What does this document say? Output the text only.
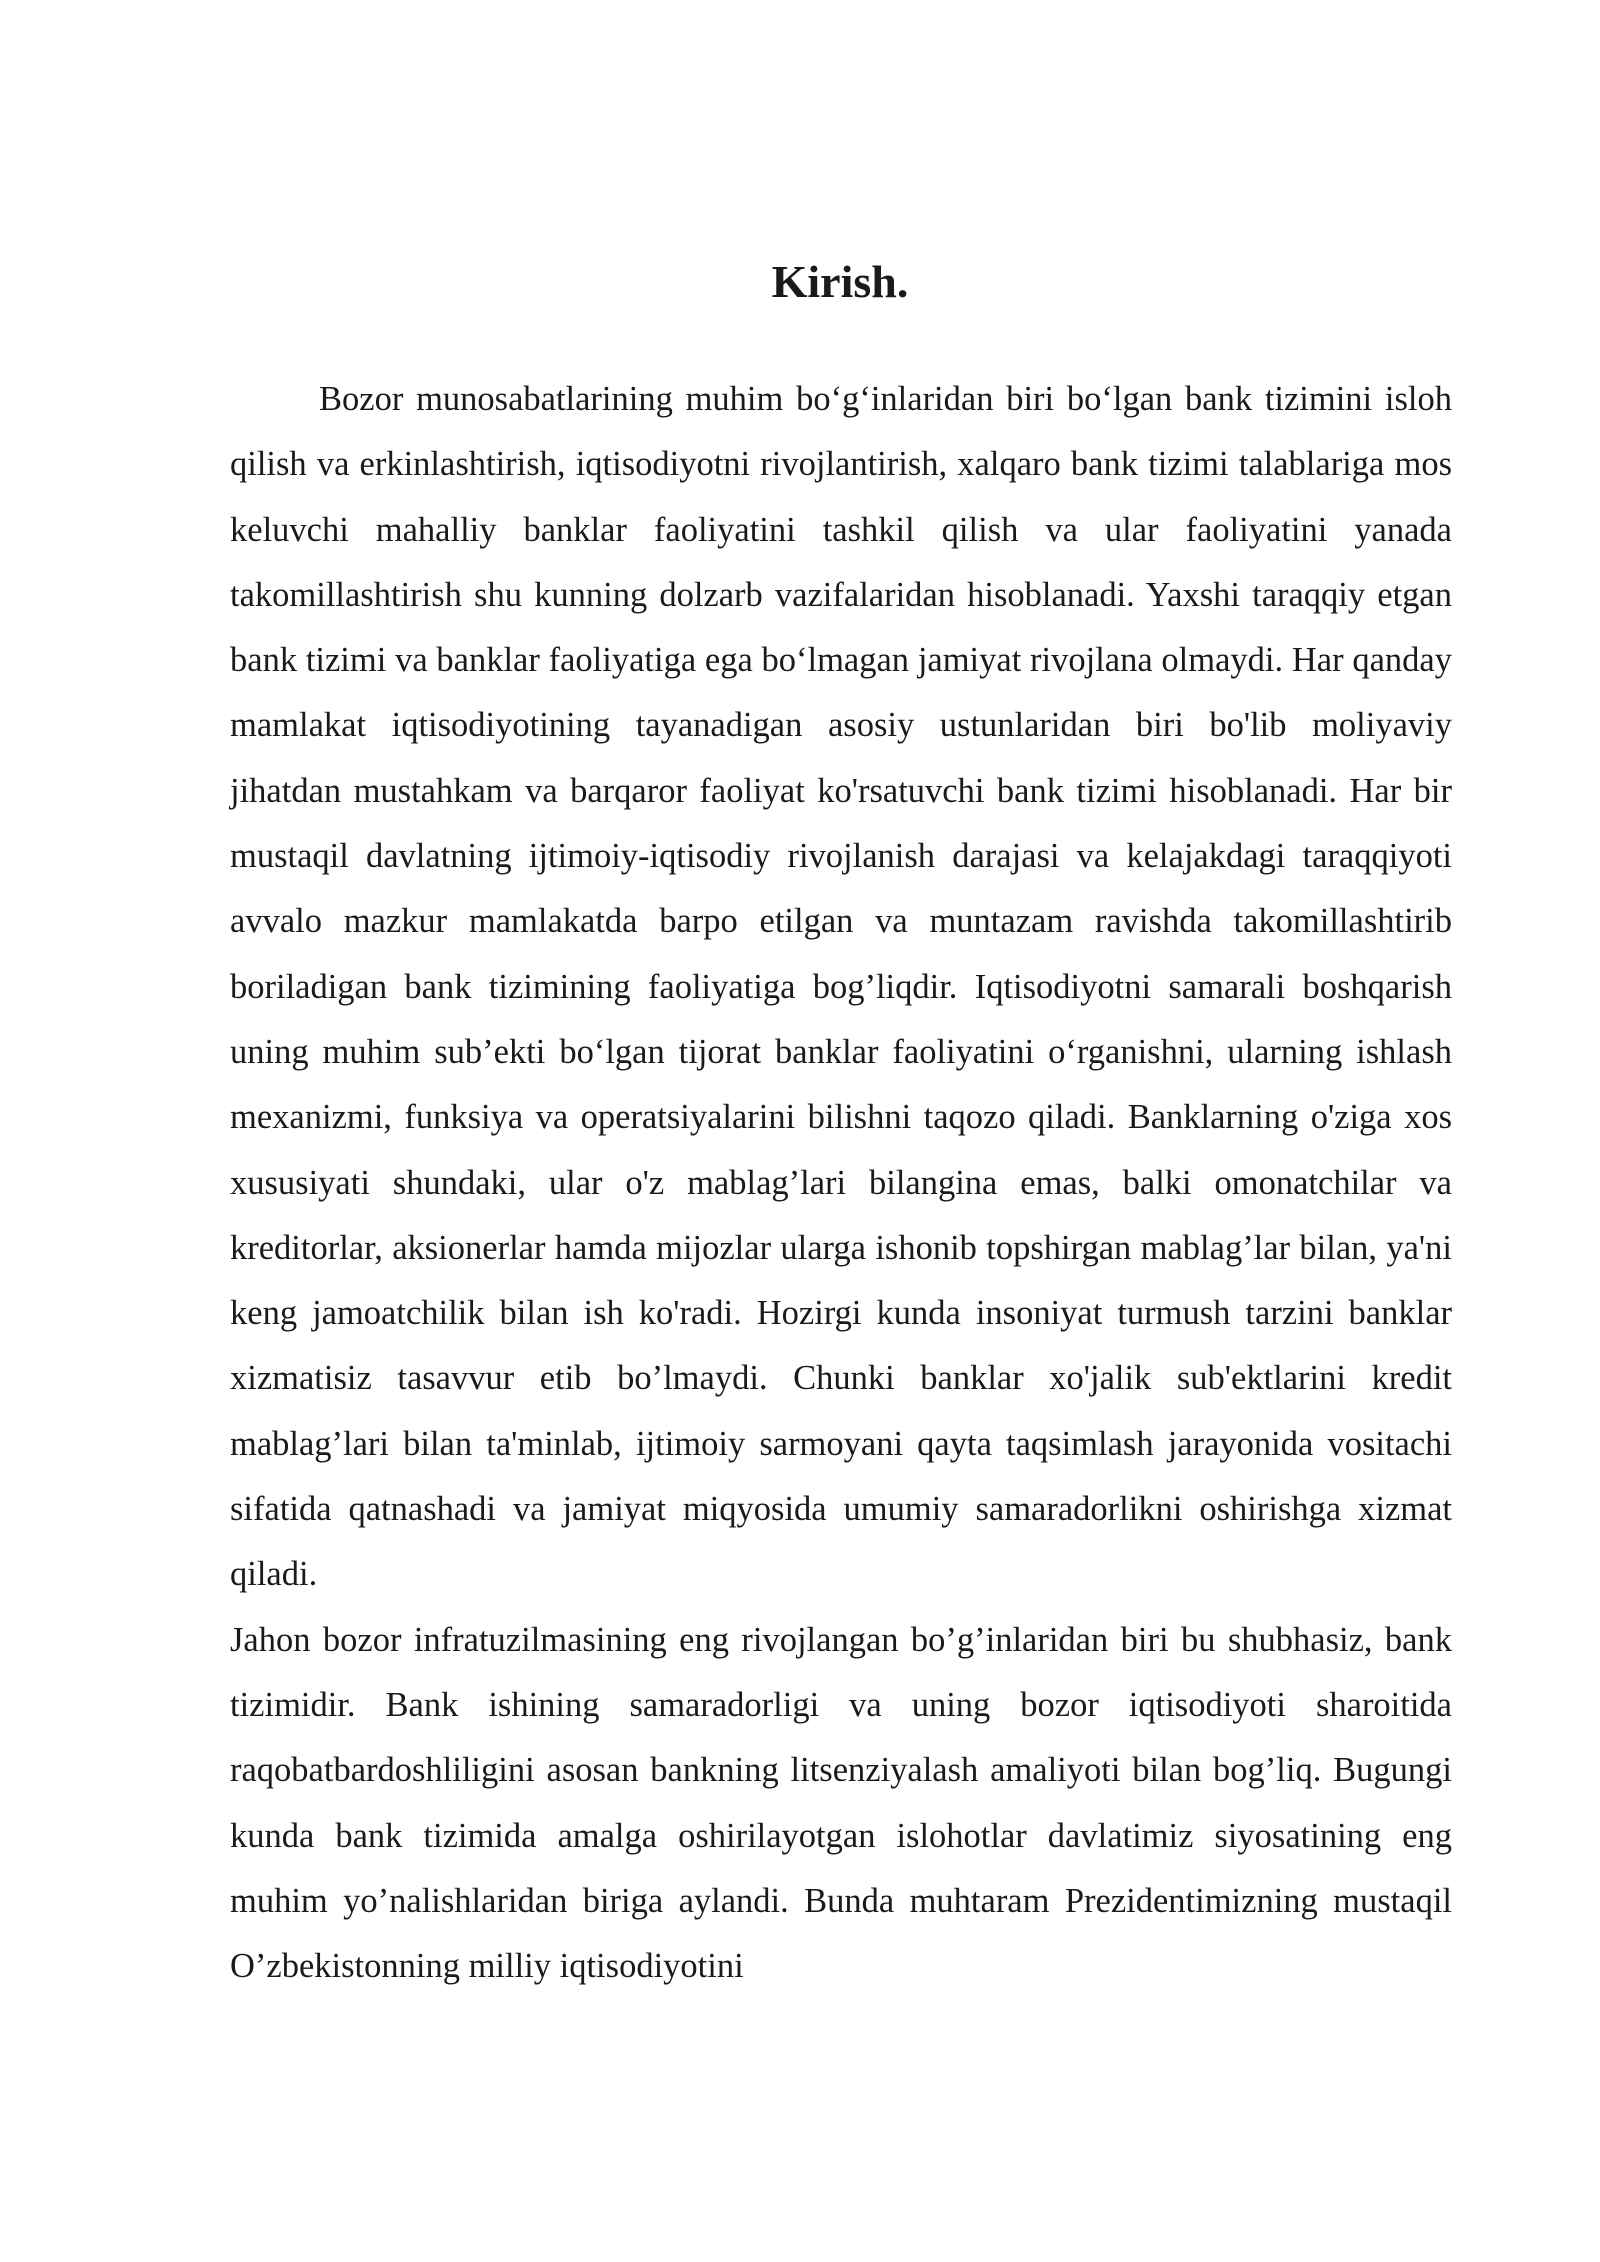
Kirish.

Bozor munosabatlarining muhim bo‘g‘inlaridan biri bo‘lgan bank tizimini isloh qilish va erkinlashtirish, iqtisodiyotni rivojlantirish, xalqaro bank tizimi talablariga mos keluvchi mahalliy banklar faoliyatini tashkil qilish va ular faoliyatini yanada takomillashtirish shu kunning dolzarb vazifalaridan hisoblanadi. Yaxshi taraqqiy etgan bank tizimi va banklar faoliyatiga ega bo‘lmagan jamiyat rivojlana olmaydi. Har qanday mamlakat iqtisodiyotining tayanadigan asosiy ustunlaridan biri bo'lib moliyaviy jihatdan mustahkam va barqaror faoliyat ko'rsatuvchi bank tizimi hisoblanadi. Har bir mustaqil davlatning ijtimoiy-iqtisodiy rivojlanish darajasi va kelajakdagi taraqqiyoti avvalo mazkur mamlakatda barpo etilgan va muntazam ravishda takomillashtirib boriladigan bank tizimining faoliyatiga bog’liqdir. Iqtisodiyotni samarali boshqarish uning muhim sub’ekti bo‘lgan tijorat banklar faoliyatini o‘rganishni, ularning ishlash mexanizmi, funksiya va operatsiyalarini bilishni taqozo qiladi. Banklarning o'ziga xos xususiyati shundaki, ular o'z mablag’lari bilangina emas, balki omonatchilar va kreditorlar, aksionerlar hamda mijozlar ularga ishonib topshirgan mablag’lar bilan, ya'ni keng jamoatchilik bilan ish ko'radi. Hozirgi kunda insoniyat turmush tarzini banklar xizmatisiz tasavvur etib bo’lmaydi. Chunki banklar xo'jalik sub'ektlarini kredit mablag’lari bilan ta'minlab, ijtimoiy sarmoyani qayta taqsimlash jarayonida vositachi sifatida qatnashadi va jamiyat miqyosida umumiy samaradorlikni oshirishga xizmat qiladi.

Jahon bozor infratuzilmasining eng rivojlangan bo’g’inlaridan biri bu shubhasiz, bank tizimidir. Bank ishining samaradorligi va uning bozor iqtisodiyoti sharoitida raqobatbardoshliligini asosan bankning litsenziyalash amaliyoti bilan bog’liq. Bugungi kunda bank tizimida amalga oshirilayotgan islohotlar davlatimiz siyosatining eng muhim yo’nalishlaridan biriga aylandi. Bunda muhtaram Prezidentimizning mustaqil O’zbekistonning milliy iqtisodiyotini
